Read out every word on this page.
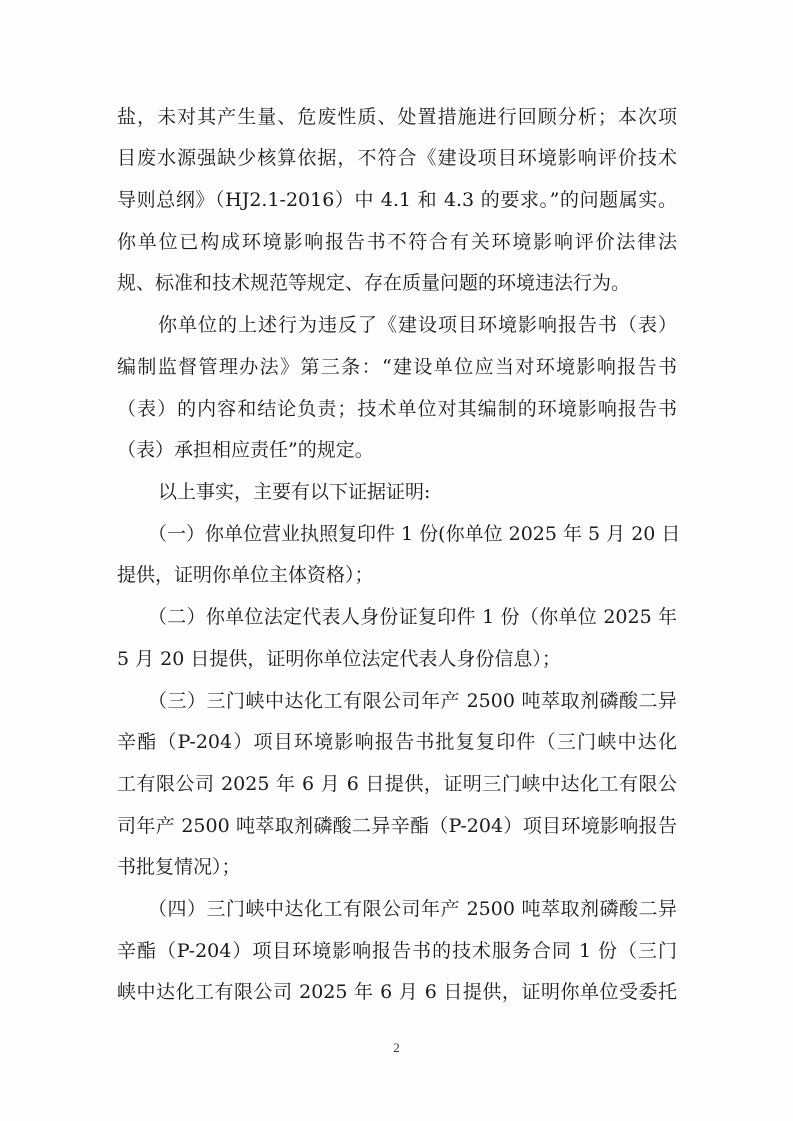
盐，未对其产生量、危废性质、处置措施进行回顾分析；本次项
目废水源强缺少核算依据，不符合《建设项目环境影响评价技术
导则总纲》（HJ2.1-2016）中 4.1 和 4.3 的要求。”的问题属实。
你单位已构成环境影响报告书不符合有关环境影响评价法律法
规、标准和技术规范等规定、存在质量问题的环境违法行为。
你单位的上述行为违反了《建设项目环境影响报告书（表）
编制监督管理办法》第三条：“建设单位应当对环境影响报告书
（表）的内容和结论负责；技术单位对其编制的环境影响报告书
（表）承担相应责任”的规定。
以上事实，主要有以下证据证明:
（一）你单位营业执照复印件 1 份(你单位 2025 年 5 月 20 日
提供，证明你单位主体资格）；
（二）你单位法定代表人身份证复印件 1 份（你单位 2025 年
5 月 20 日提供，证明你单位法定代表人身份信息）；
（三）三门峡中达化工有限公司年产 2500 吨萃取剂磷酸二异
辛酯（P-204）项目环境影响报告书批复复印件（三门峡中达化
工有限公司 2025 年 6 月 6 日提供，证明三门峡中达化工有限公
司年产 2500 吨萃取剂磷酸二异辛酯（P-204）项目环境影响报告
书批复情况）；
（四）三门峡中达化工有限公司年产 2500 吨萃取剂磷酸二异
辛酯（P-204）项目环境影响报告书的技术服务合同 1 份（三门
峡中达化工有限公司 2025 年 6 月 6 日提供，证明你单位受委托
2
